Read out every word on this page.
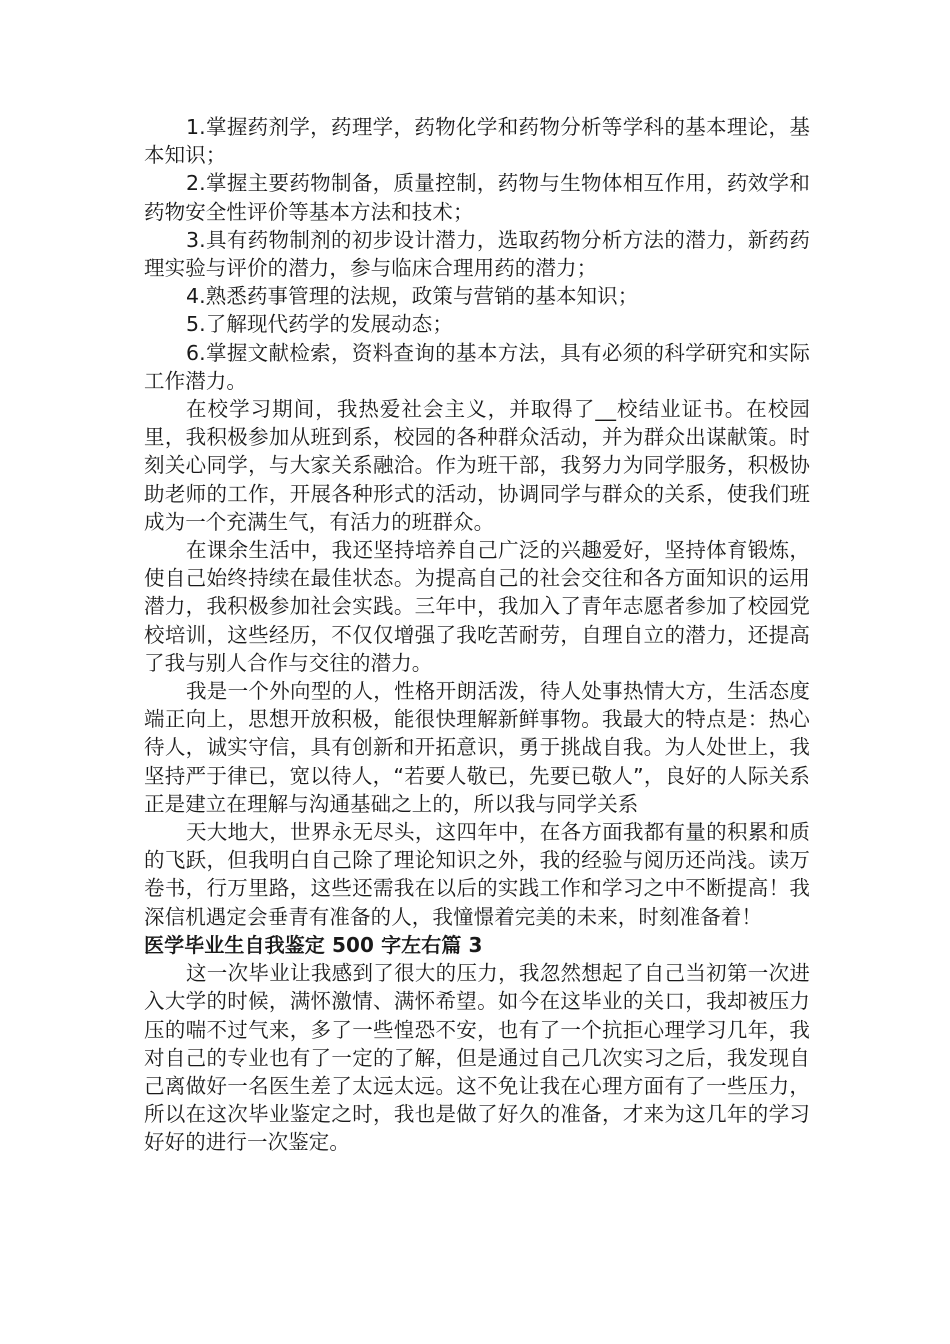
1.掌握药剂学，药理学，药物化学和药物分析等学科的基本理论，基本知识；

2.掌握主要药物制备，质量控制，药物与生物体相互作用，药效学和药物安全性评价等基本方法和技术；

3.具有药物制剂的初步设计潜力，选取药物分析方法的潜力，新药药理实验与评价的潜力，参与临床合理用药的潜力；

4.熟悉药事管理的法规，政策与营销的基本知识；

5.了解现代药学的发展动态；

6.掌握文献检索，资料查询的基本方法，具有必须的科学研究和实际工作潜力。

在校学习期间，我热爱社会主义，并取得了__校结业证书。在校园里，我积极参加从班到系，校园的各种群众活动，并为群众出谋献策。时刻关心同学，与大家关系融洽。作为班干部，我努力为同学服务，积极协助老师的工作，开展各种形式的活动，协调同学与群众的关系，使我们班成为一个充满生气，有活力的班群众。

在课余生活中，我还坚持培养自己广泛的兴趣爱好，坚持体育锻炼，使自己始终持续在最佳状态。为提高自己的社会交往和各方面知识的运用潜力，我积极参加社会实践。三年中，我加入了青年志愿者参加了校园党校培训，这些经历，不仅仅增强了我吃苦耐劳，自理自立的潜力，还提高了我与别人合作与交往的潜力。

我是一个外向型的人，性格开朗活泼，待人处事热情大方，生活态度端正向上，思想开放积极，能很快理解新鲜事物。我最大的特点是：热心待人，诚实守信，具有创新和开拓意识，勇于挑战自我。为人处世上，我坚持严于律已，宽以待人，“若要人敬已，先要已敬人”，良好的人际关系正是建立在理解与沟通基础之上的，所以我与同学关系

天大地大，世界永无尽头，这四年中，在各方面我都有量的积累和质的飞跃，但我明白自己除了理论知识之外，我的经验与阅历还尚浅。读万卷书，行万里路，这些还需我在以后的实践工作和学习之中不断提高！我深信机遇定会垂青有准备的人，我憧憬着完美的未来，时刻准备着！

医学毕业生自我鉴定 500 字左右篇 3

这一次毕业让我感到了很大的压力，我忽然想起了自己当初第一次进入大学的时候，满怀激情、满怀希望。如今在这毕业的关口，我却被压力压的喘不过气来，多了一些惶恐不安，也有了一个抗拒心理学习几年，我对自己的专业也有了一定的了解，但是通过自己几次实习之后，我发现自己离做好一名医生差了太远太远。这不免让我在心理方面有了一些压力，所以在这次毕业鉴定之时，我也是做了好久的准备，才来为这几年的学习好好的进行一次鉴定。
